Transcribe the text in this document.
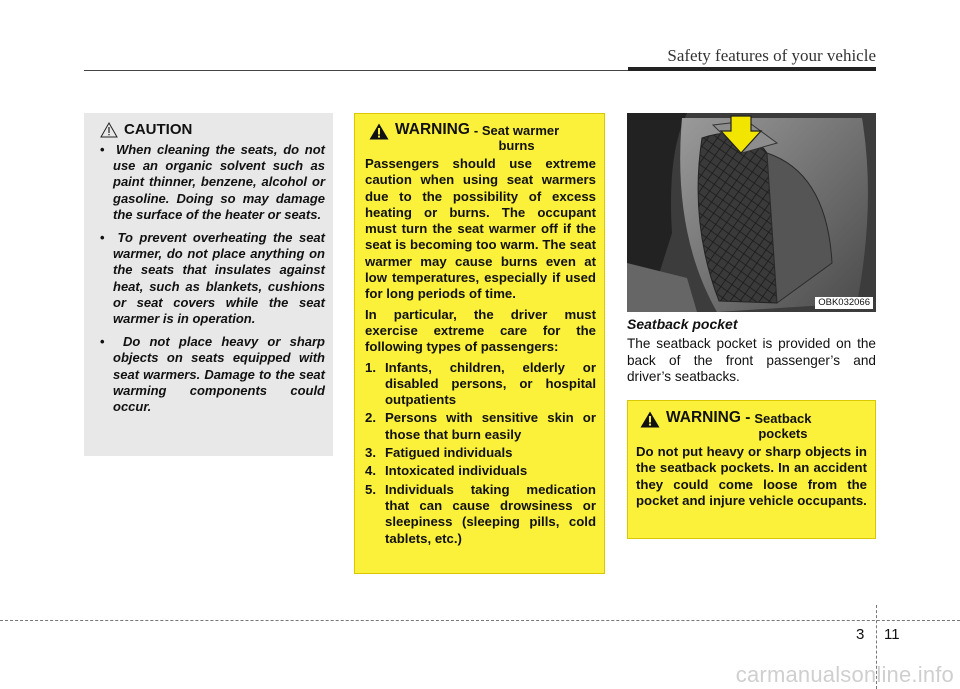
Safety features of your vehicle
CAUTION
•  When cleaning the seats, do not use an organic solvent such as paint thinner, benzene, alcohol or gasoline. Doing so may damage the surface of the heater or seats.
•  To prevent overheating the seat warmer, do not place anything on the seats that insulates against heat, such as blankets, cushions or seat covers while the seat warmer is in operation.
•  Do not place heavy or sharp objects on seats equipped with seat warmers. Damage to the seat warming components could occur.
WARNING - Seat warmer
burns

Passengers should use extreme caution when using seat warmers due to the possibility of excess heating or burns. The occupant must turn the seat warmer off if the seat is becoming too warm. The seat warmer may cause burns even at low temperatures, especially if used for long periods of time.

In particular, the driver must exercise extreme care for the following types of passengers:

1. Infants, children, elderly or disabled persons, or hospital outpatients
2. Persons with sensitive skin or those that burn easily
3. Fatigued individuals
4. Intoxicated individuals
5. Individuals taking medication that can cause drowsiness or sleepiness (sleeping pills, cold tablets, etc.)
OBK032066
Seatback pocket

The seatback pocket is provided on the back of the front passenger’s and driver’s seatbacks.

WARNING - Seatback
pockets

Do not put heavy or sharp objects in the seatback pockets. In an accident they could come loose from the pocket and injure vehicle occupants.

3 11
carmanualsonline.info
